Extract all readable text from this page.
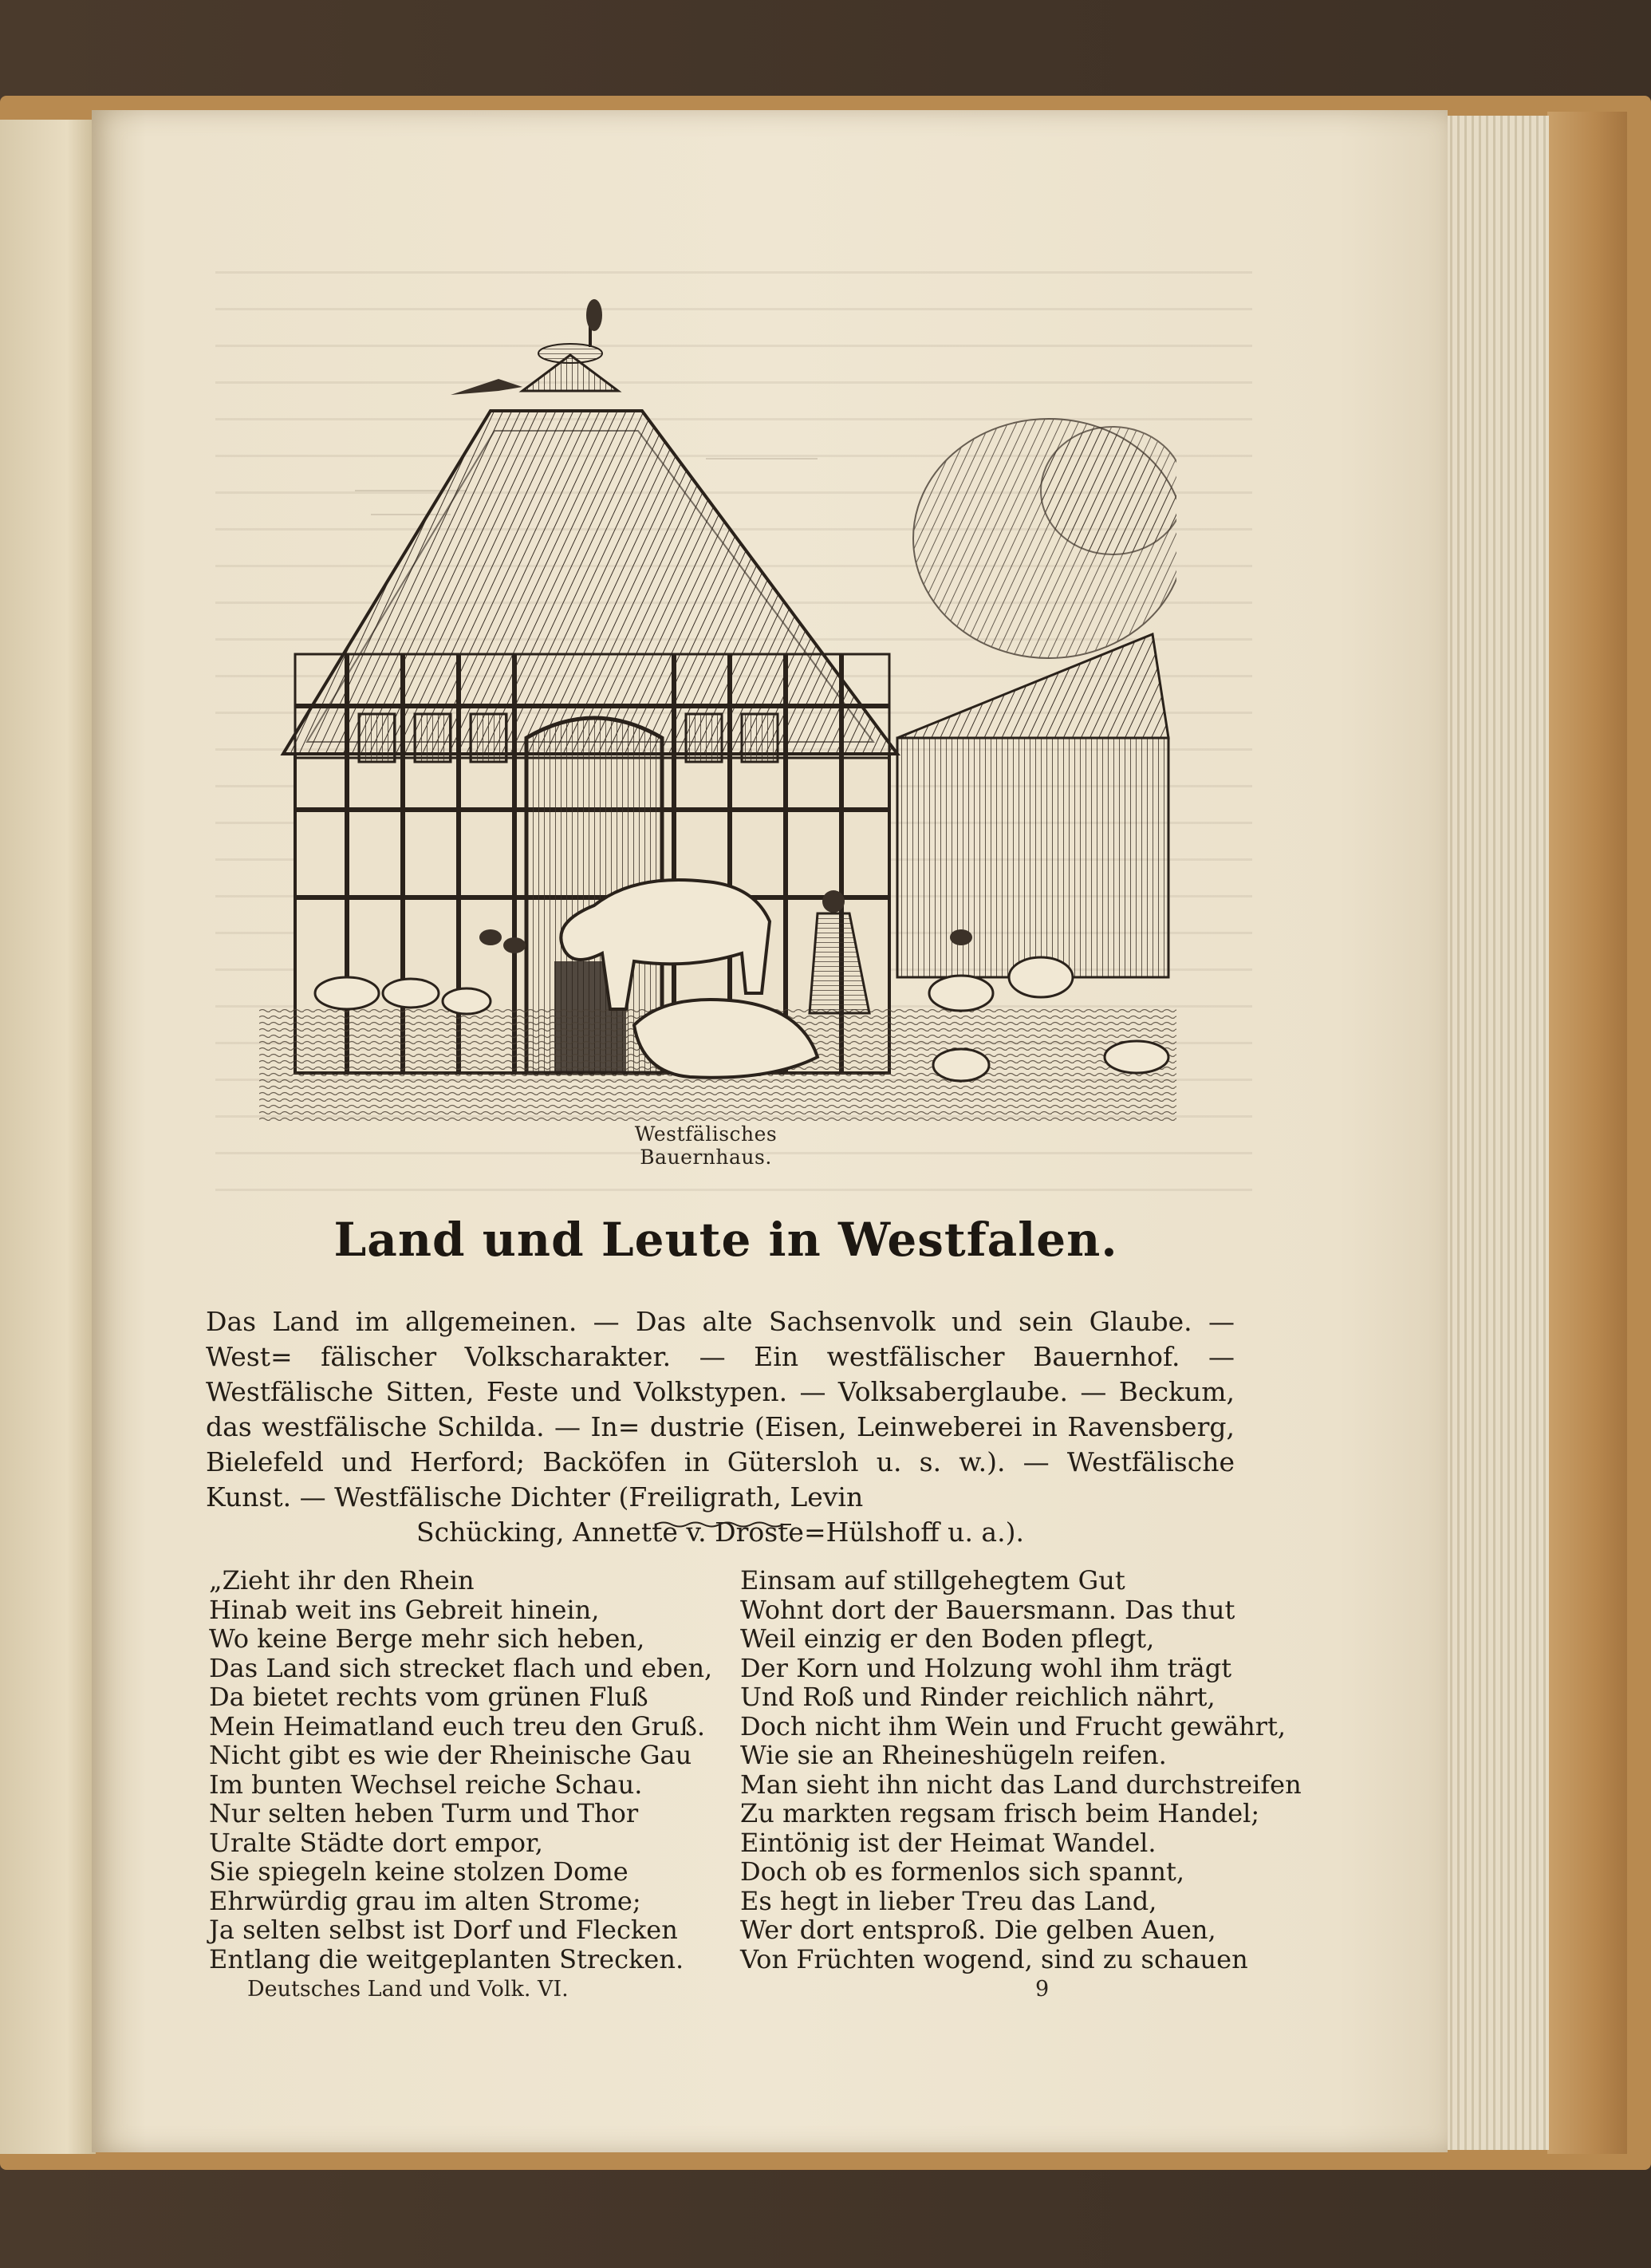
Westfälisches Bauernhaus.
Land und Leute in Westfalen.
Das Land im allgemeinen. — Das alte Sachsenvolk und sein Glaube. — West= fälischer Volkscharakter. — Ein westfälischer Bauernhof. — Westfälische Sitten, Feste und Volkstypen. — Volksaberglaube. — Beckum, das westfälische Schilda. — In= dustrie (Eisen, Leinweberei in Ravensberg, Bielefeld und Herford; Backöfen in Gütersloh u. s. w.). — Westfälische Kunst. — Westfälische Dichter (Freiligrath, Levin
Schücking, Annette v. Droste=Hülshoff u. a.).
„Zieht ihr den Rhein
Hinab weit ins Gebreit hinein,
Wo keine Berge mehr sich heben,
Das Land sich strecket flach und eben,
Da bietet rechts vom grünen Fluß
Mein Heimatland euch treu den Gruß.
Nicht gibt es wie der Rheinische Gau
Im bunten Wechsel reiche Schau.
Nur selten heben Turm und Thor
Uralte Städte dort empor,
Sie spiegeln keine stolzen Dome
Ehrwürdig grau im alten Strome;
Ja selten selbst ist Dorf und Flecken
Entlang die weitgeplanten Strecken.
Einsam auf stillgehegtem Gut
Wohnt dort der Bauersmann. Das thut
Weil einzig er den Boden pflegt,
Der Korn und Holzung wohl ihm trägt
Und Roß und Rinder reichlich nährt,
Doch nicht ihm Wein und Frucht gewährt,
Wie sie an Rheineshügeln reifen.
Man sieht ihn nicht das Land durchstreifen
Zu markten regsam frisch beim Handel;
Eintönig ist der Heimat Wandel.
Doch ob es formenlos sich spannt,
Es hegt in lieber Treu das Land,
Wer dort entsproß. Die gelben Auen,
Von Früchten wogend, sind zu schauen
Deutsches Land und Volk. VI.	9
